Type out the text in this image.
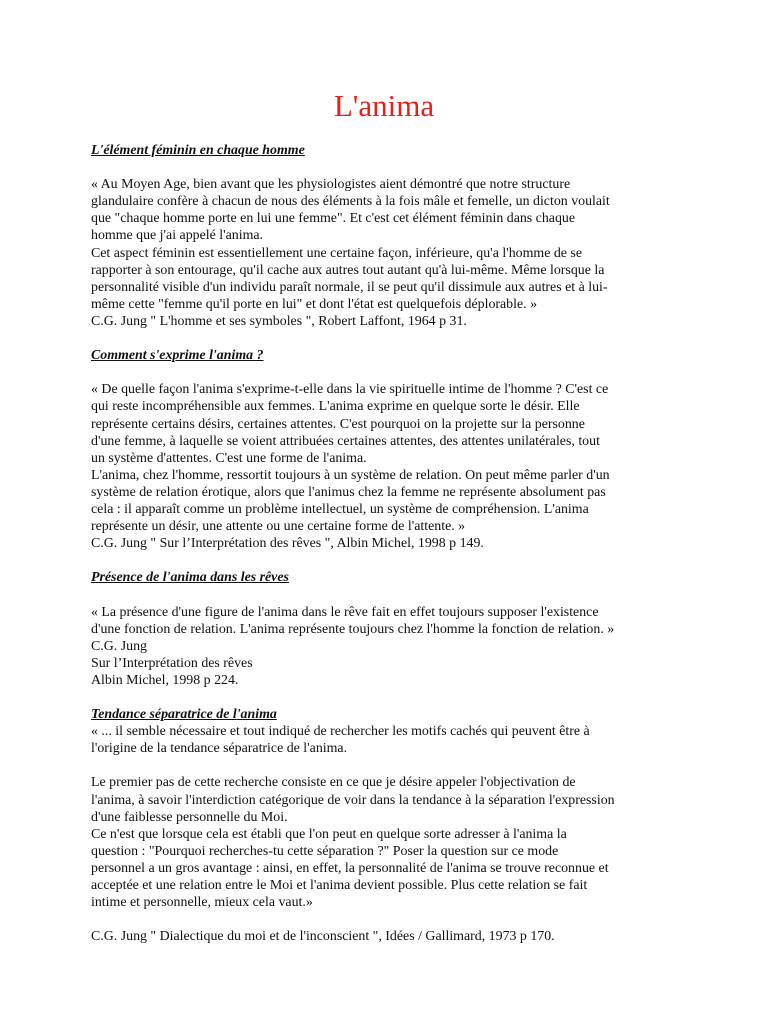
L'anima

L'élément féminin en chaque homme

« Au Moyen Age, bien avant que les physiologistes aient démontré que notre structure
glandulaire confère à chacun de nous des éléments à la fois mâle et femelle, un dicton voulait
que "chaque homme porte en lui une femme". Et c'est cet élément féminin dans chaque
homme que j'ai appelé l'anima.
Cet aspect féminin est essentiellement une certaine façon, inférieure, qu'a l'homme de se
rapporter à son entourage, qu'il cache aux autres tout autant qu'à lui-même. Même lorsque la
personnalité visible d'un individu paraît normale, il se peut qu'il dissimule aux autres et à lui-
même cette "femme qu'il porte en lui" et dont l'état est quelquefois déplorable. »
C.G. Jung " L'homme et ses symboles ", Robert Laffont, 1964 p 31.

Comment s'exprime l'anima ?

« De quelle façon l'anima s'exprime-t-elle dans la vie spirituelle intime de l'homme ? C'est ce
qui reste incompréhensible aux femmes. L'anima exprime en quelque sorte le désir. Elle
représente certains désirs, certaines attentes. C'est pourquoi on la projette sur la personne
d'une femme, à laquelle se voient attribuées certaines attentes, des attentes unilatérales, tout
un système d'attentes. C'est une forme de l'anima.
L'anima, chez l'homme, ressortit toujours à un système de relation. On peut même parler d'un
système de relation érotique, alors que l'animus chez la femme ne représente absolument pas
cela : il apparaît comme un problème intellectuel, un système de compréhension. L'anima
représente un désir, une attente ou une certaine forme de l'attente. »
C.G. Jung " Sur l’Interprétation des rêves ", Albin Michel, 1998 p 149.

Présence de l'anima dans les rêves

« La présence d'une figure de l'anima dans le rêve fait en effet toujours supposer l'existence
d'une fonction de relation. L'anima représente toujours chez l'homme la fonction de relation. »
C.G. Jung
Sur l’Interprétation des rêves
Albin Michel, 1998 p 224.

Tendance séparatrice de l'anima

« ... il semble nécessaire et tout indiqué de rechercher les motifs cachés qui peuvent être à
l'origine de la tendance séparatrice de l'anima.

Le premier pas de cette recherche consiste en ce que je désire appeler l'objectivation de
l'anima, à savoir l'interdiction catégorique de voir dans la tendance à la séparation l'expression
d'une faiblesse personnelle du Moi.
Ce n'est que lorsque cela est établi que l'on peut en quelque sorte adresser à l'anima la
question : "Pourquoi recherches-tu cette séparation ?" Poser la question sur ce mode
personnel a un gros avantage : ainsi, en effet, la personnalité de l'anima se trouve reconnue et
acceptée et une relation entre le Moi et l'anima devient possible. Plus cette relation se fait
intime et personnelle, mieux cela vaut.»

C.G. Jung " Dialectique du moi et de l'inconscient ", Idées / Gallimard, 1973 p 170.
